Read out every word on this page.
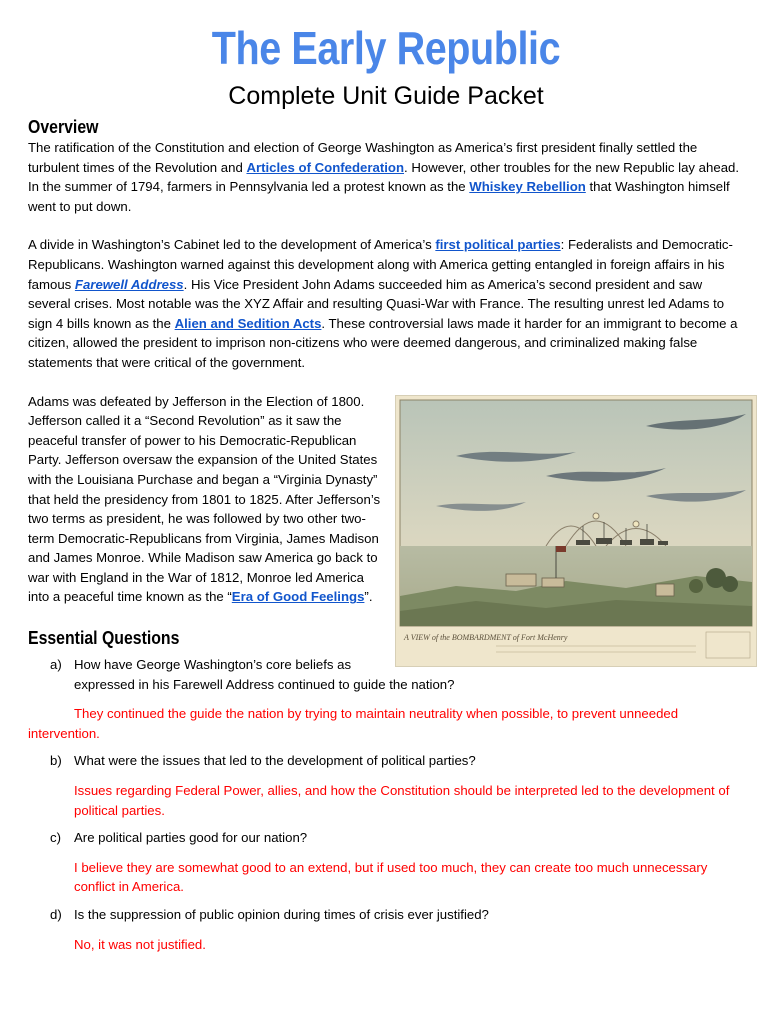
The Early Republic
Complete Unit Guide Packet
Overview

The ratification of the Constitution and election of George Washington as America’s first president finally settled the turbulent times of the Revolution and Articles of Confederation. However, other troubles for the new Republic lay ahead. In the summer of 1794, farmers in Pennsylvania led a protest known as the Whiskey Rebellion that Washington himself went to put down.

A divide in Washington’s Cabinet led to the development of America’s first political parties: Federalists and Democratic-Republicans. Washington warned against this development along with America getting entangled in foreign affairs in his famous Farewell Address. His Vice President John Adams succeeded him as America’s second president and saw several crises. Most notable was the XYZ Affair and resulting Quasi-War with France. The resulting unrest led Adams to sign 4 bills known as the Alien and Sedition Acts. These controversial laws made it harder for an immigrant to become a citizen, allowed the president to imprison non-citizens who were deemed dangerous, and criminalized making false statements that were critical of the government.

A VIEW of the BOMBARDMENT of Fort McHenry
Adams was defeated by Jefferson in the Election of 1800. Jefferson called it a “Second Revolution” as it saw the peaceful transfer of power to his Democratic-Republican Party. Jefferson oversaw the expansion of the United States with the Louisiana Purchase and began a “Virginia Dynasty” that held the presidency from 1801 to 1825. After Jefferson’s two terms as president, he was followed by two other two-term Democratic-Republicans from Virginia, James Madison and James Monroe. While Madison saw America go back to war with England in the War of 1812, Monroe led America into a peaceful time known as the “Era of Good Feelings”.

Essential Questions
a) How have George Washington’s core beliefs as expressed in his Farewell Address continued to guide the nation?
They continued the guide the nation by trying to maintain neutrality when possible, to prevent unneeded intervention.
b) What were the issues that led to the development of political parties?
Issues regarding Federal Power, allies, and how the Constitution should be interpreted led to the development of political parties.
c) Are political parties good for our nation?
I believe they are somewhat good to an extend, but if used too much, they can create too much unnecessary conflict in America.
d) Is the suppression of public opinion during times of crisis ever justified?
No, it was not justified.
